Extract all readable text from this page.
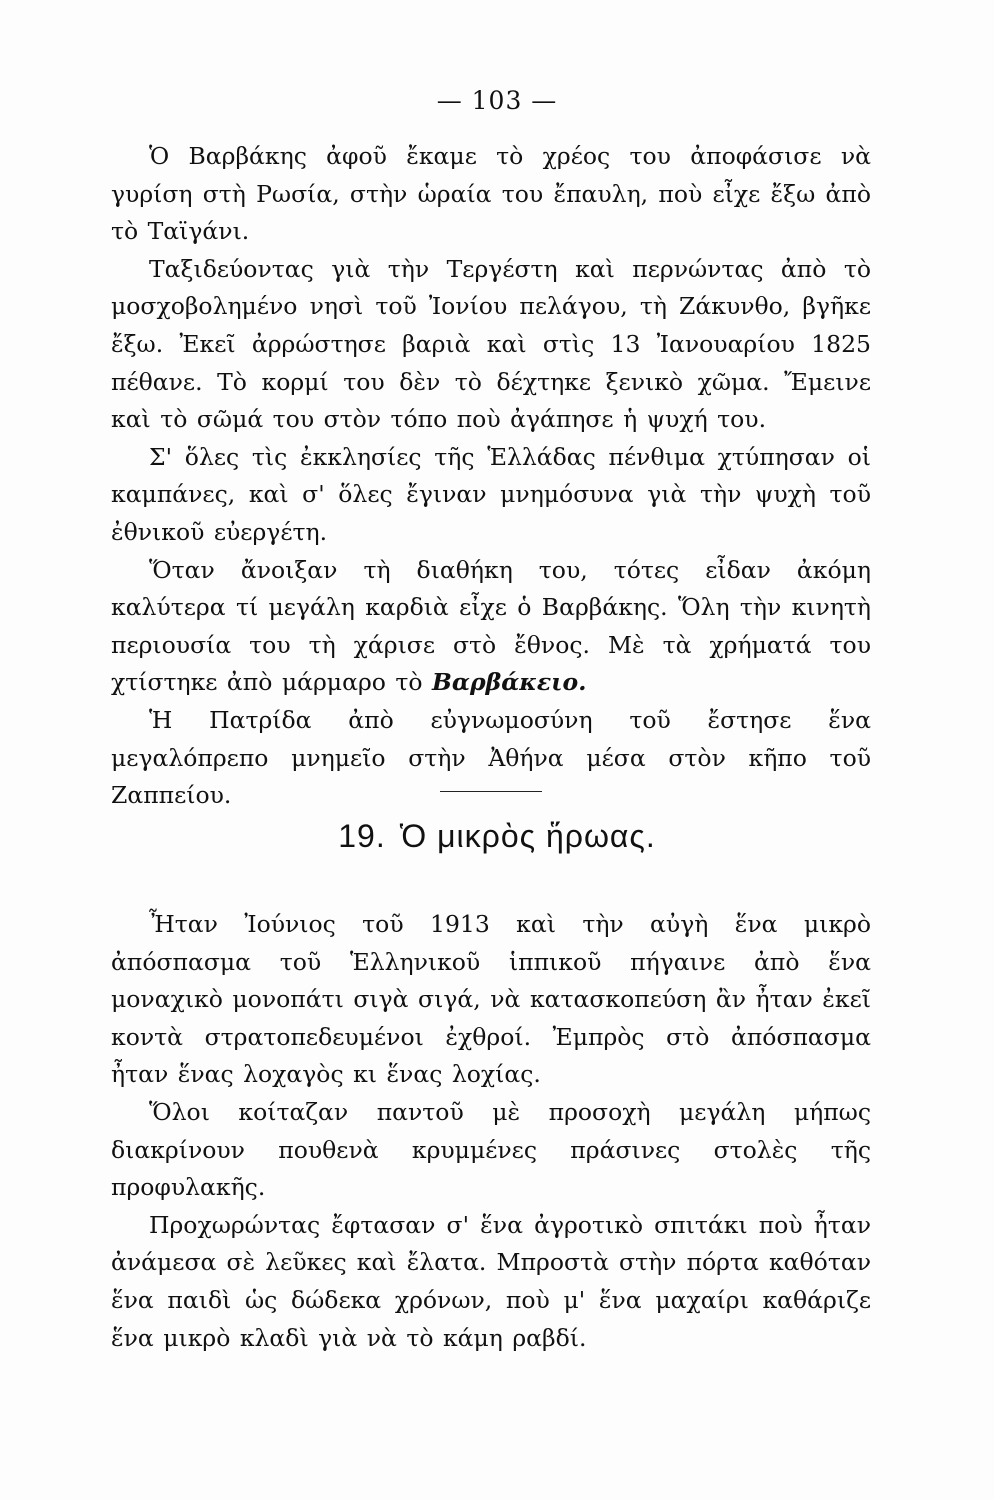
— 103 —

Ὁ Βαρβάκης ἀφοῦ ἔκαμε τὸ χρέος του ἀποφάσισε νὰ γυρίση στὴ Ρωσία, στὴν ὡραία του ἔπαυλη, ποὺ εἶχε ἔξω ἀπὸ τὸ Ταϊγάνι.

Ταξιδεύοντας γιὰ τὴν Τεργέστη καὶ περνώντας ἀπὸ τὸ μοσχοβολημένο νησὶ τοῦ Ἰονίου πελάγου, τὴ Ζάκυνθο, βγῆκε ἔξω. Ἐκεῖ ἀρρώστησε βαριὰ καὶ στὶς 13 Ἰανουαρίου 1825 πέθανε. Τὸ κορμί του δὲν τὸ δέχτηκε ξενικὸ χῶμα. Ἔμεινε καὶ τὸ σῶμά του στὸν τόπο ποὺ ἀγάπησε ἡ ψυχή του.

Σ' ὅλες τὶς ἐκκλησίες τῆς Ἑλλάδας πένθιμα χτύπησαν οἱ καμπάνες, καὶ σ' ὅλες ἔγιναν μνημόσυνα γιὰ τὴν ψυχὴ τοῦ ἐθνικοῦ εὐεργέτη.

Ὅταν ἄνοιξαν τὴ διαθήκη του, τότες εἶδαν ἀκόμη καλύτερα τί μεγάλη καρδιὰ εἶχε ὁ Βαρβάκης. Ὅλη τὴν κινητὴ περιουσία του τὴ χάρισε στὸ ἔθνος. Μὲ τὰ χρήματά του χτίστηκε ἀπὸ μάρμαρο τὸ Βαρβάκειο.

Ἡ Πατρίδα ἀπὸ εὐγνωμοσύνη τοῦ ἔστησε ἕνα μεγαλόπρεπο μνημεῖο στὴν Ἀθήνα μέσα στὸν κῆπο τοῦ Ζαππείου.

19. Ὁ μικρὸς ἥρωας.

Ἦταν Ἰούνιος τοῦ 1913 καὶ τὴν αὐγὴ ἕνα μικρὸ ἀπόσπασμα τοῦ Ἑλληνικοῦ ἱππικοῦ πήγαινε ἀπὸ ἕνα μοναχικὸ μονοπάτι σιγὰ σιγά, νὰ κατασκοπεύση ἂν ἦταν ἐκεῖ κοντὰ στρατοπεδευμένοι ἐχθροί. Ἐμπρὸς στὸ ἀπόσπασμα ἦταν ἕνας λοχαγὸς κι ἕνας λοχίας.

Ὅλοι κοίταζαν παντοῦ μὲ προσοχὴ μεγάλη μήπως διακρίνουν πουθενὰ κρυμμένες πράσινες στολὲς τῆς προφυλακῆς.

Προχωρώντας ἔφτασαν σ' ἕνα ἀγροτικὸ σπιτάκι ποὺ ἦταν ἀνάμεσα σὲ λεῦκες καὶ ἔλατα. Μπροστὰ στὴν πόρτα καθόταν ἕνα παιδὶ ὡς δώδεκα χρόνων, ποὺ μ' ἕνα μαχαίρι καθάριζε ἕνα μικρὸ κλαδὶ γιὰ νὰ τὸ κάμη ραβδί.
